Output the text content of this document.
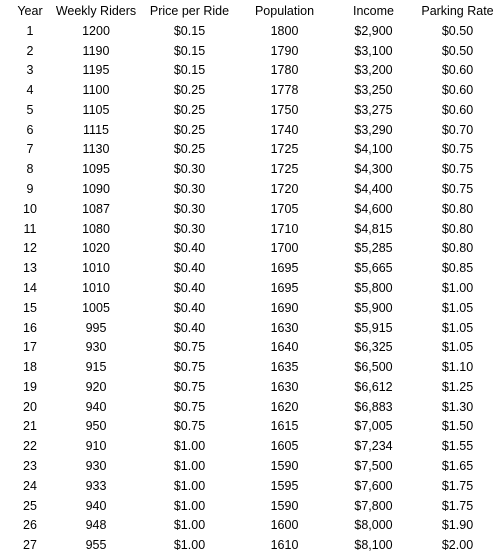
Year	Weekly Riders	Price per Ride	Population	Income	Parking Rate
1	1200	$0.15	1800	$2,900	$0.50
2	1190	$0.15	1790	$3,100	$0.50
3	1195	$0.15	1780	$3,200	$0.60
4	1100	$0.25	1778	$3,250	$0.60
5	1105	$0.25	1750	$3,275	$0.60
6	1115	$0.25	1740	$3,290	$0.70
7	1130	$0.25	1725	$4,100	$0.75
8	1095	$0.30	1725	$4,300	$0.75
9	1090	$0.30	1720	$4,400	$0.75
10	1087	$0.30	1705	$4,600	$0.80
11	1080	$0.30	1710	$4,815	$0.80
12	1020	$0.40	1700	$5,285	$0.80
13	1010	$0.40	1695	$5,665	$0.85
14	1010	$0.40	1695	$5,800	$1.00
15	1005	$0.40	1690	$5,900	$1.05
16	995	$0.40	1630	$5,915	$1.05
17	930	$0.75	1640	$6,325	$1.05
18	915	$0.75	1635	$6,500	$1.10
19	920	$0.75	1630	$6,612	$1.25
20	940	$0.75	1620	$6,883	$1.30
21	950	$0.75	1615	$7,005	$1.50
22	910	$1.00	1605	$7,234	$1.55
23	930	$1.00	1590	$7,500	$1.65
24	933	$1.00	1595	$7,600	$1.75
25	940	$1.00	1590	$7,800	$1.75
26	948	$1.00	1600	$8,000	$1.90
27	955	$1.00	1610	$8,100	$2.00
